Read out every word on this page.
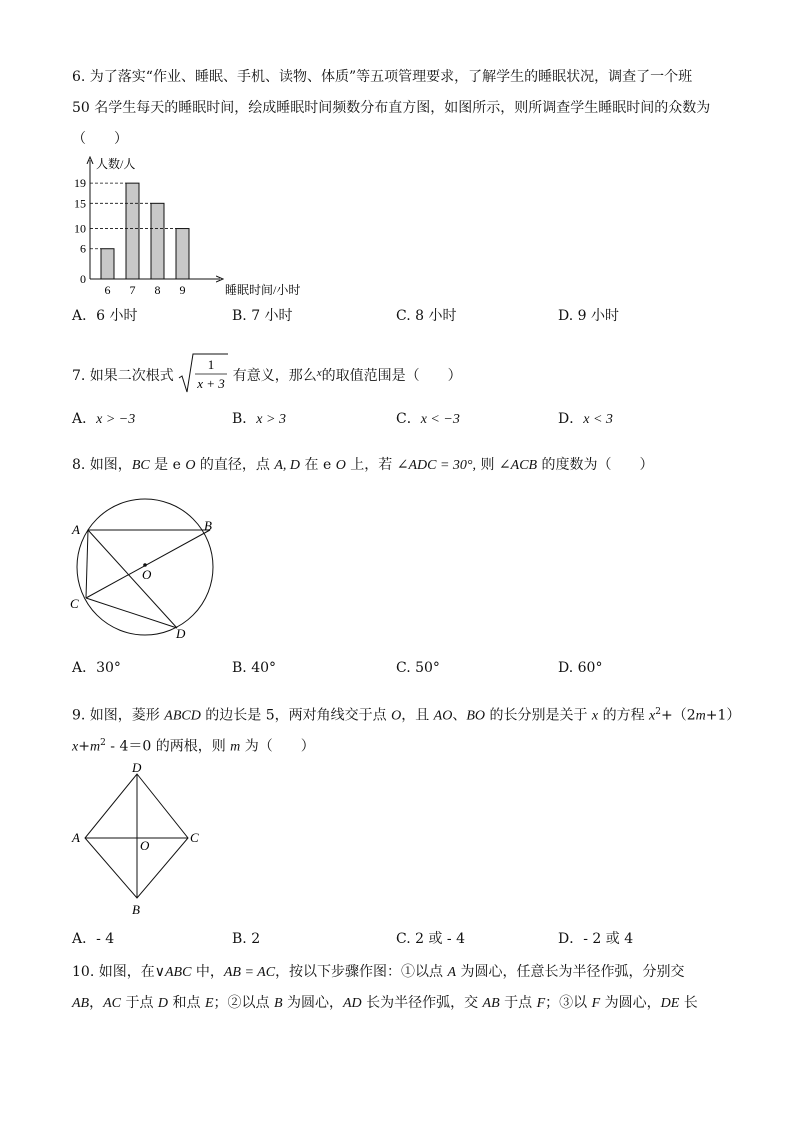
6. 为了落实“作业、睡眠、手机、读物、体质”等五项管理要求，了解学生的睡眠状况，调查了一个班
50 名学生每天的睡眠时间，绘成睡眠时间频数分布直方图，如图所示，则所调查学生睡眠时间的众数为
（　　）
人数/人
睡眠时间/小时
6 7 8 9
19
15
10
6
0
A．6 小时	B. 7 小时	C. 8 小时	D. 9 小时
7. 如果二次根式
1
x + 3 有意义，那么$^x$的取值范围是（　　）
A．x > −3	B．x > 3	C．x < −3	D．x < 3
8. 如图，BC 是 e O 的直径，点 A, D 在 e O 上，若 ∠ADC = 30°, 则 ∠ACB 的度数为（　　）
A	B
C
D
O
A．30°	B. 40°	C. 50°	D. 60°
9. 如图，菱形 ABCD 的边长是 5，两对角线交于点 O，且 AO、BO 的长分别是关于 x 的方程 $x^2+(2m+1)$
$x+m^2 - 4=0$ 的两根，则 m 为（　　）
D
A	C
B
O
A．- 4	B. 2	C. 2 或 - 4	D．- 2 或 4
10. 如图，在∨ABC 中，AB = AC，按以下步骤作图：①以点 A 为圆心，任意长为半径作弧，分别交
AB，AC 于点 D 和点 E；②以点 B 为圆心，AD 长为半径作弧，交 AB 于点 F；③以 F 为圆心，DE 长
